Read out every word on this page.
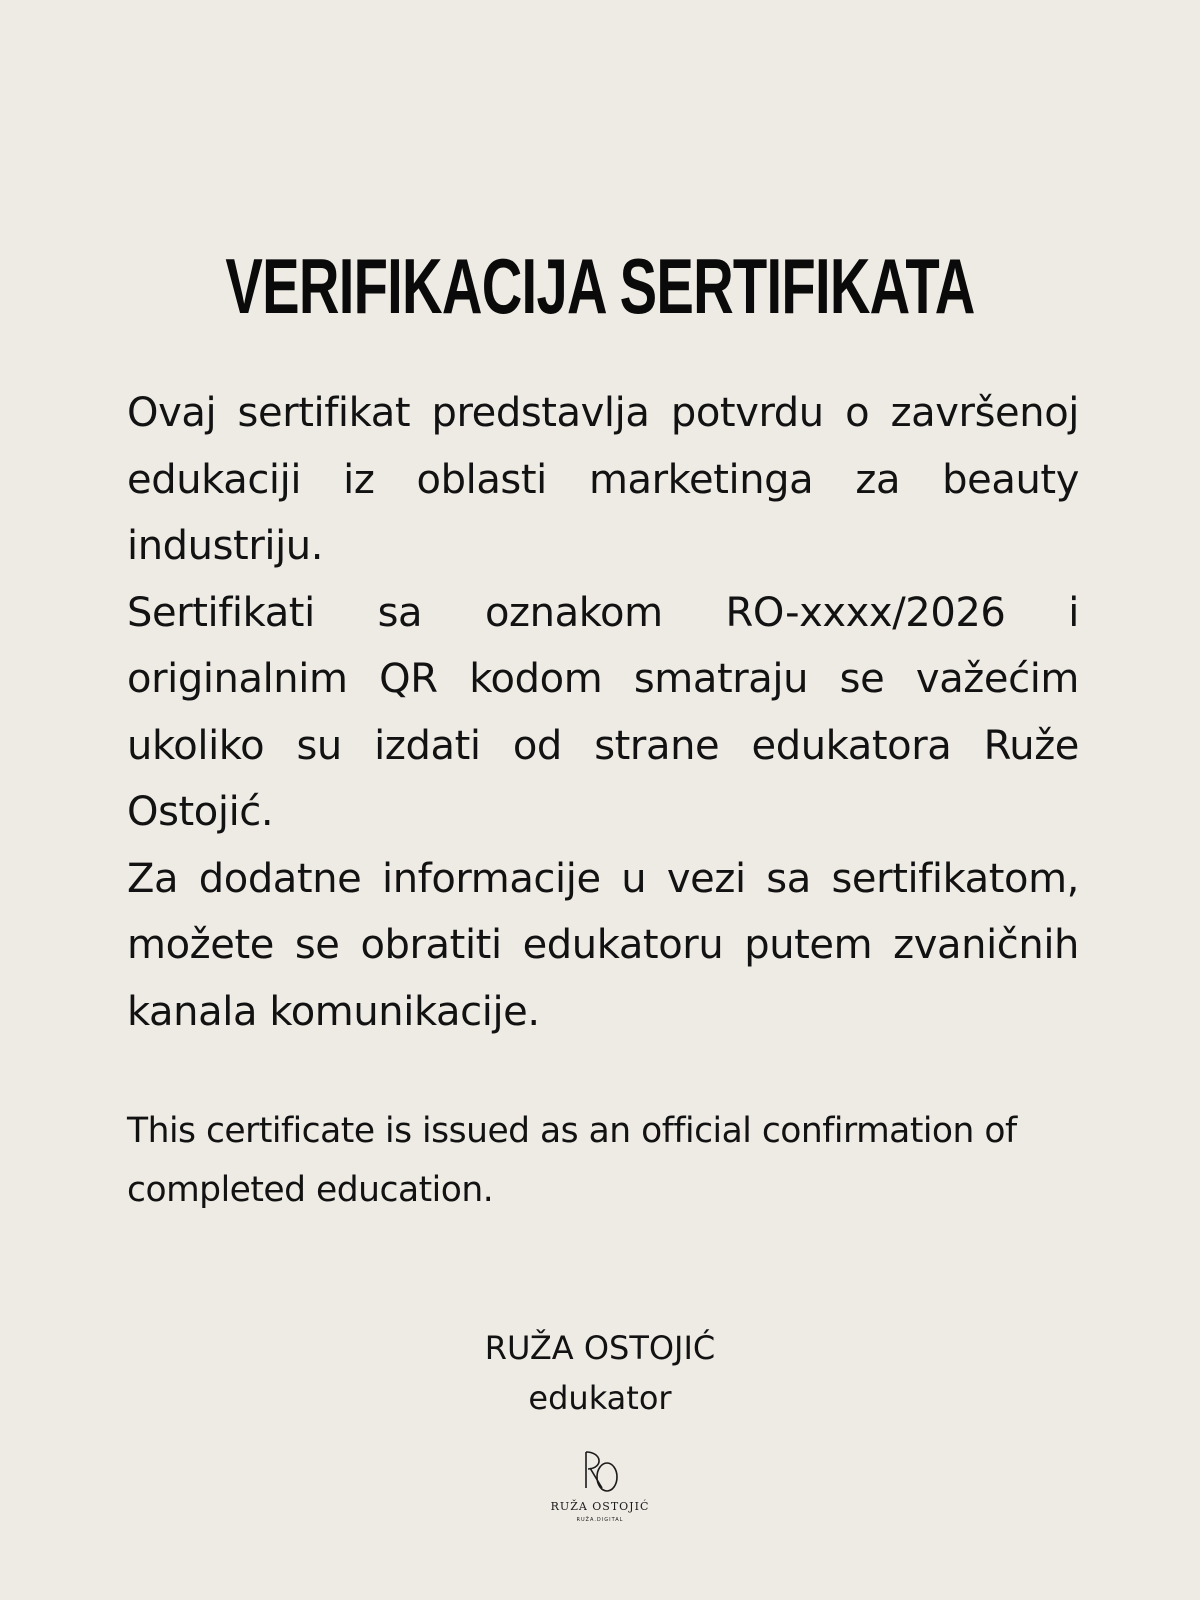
VERIFIKACIJA SERTIFIKATA

Ovaj sertifikat predstavlja potvrdu o završenoj edukaciji iz oblasti marketinga za beauty industriju.

Sertifikati sa oznakom RO-xxxx/2026 i originalnim QR kodom smatraju se važećim ukoliko su izdati od strane edukatora Ruže Ostojić.

Za dodatne informacije u vezi sa sertifikatom, možete se obratiti edukatoru putem zvaničnih kanala komunikacije.

This certificate is issued as an official confirmation of completed education.

RUŽA OSTOJIĆ

edukator

RUŽA OSTOJIĆ
RUŽA.DIGITAL
